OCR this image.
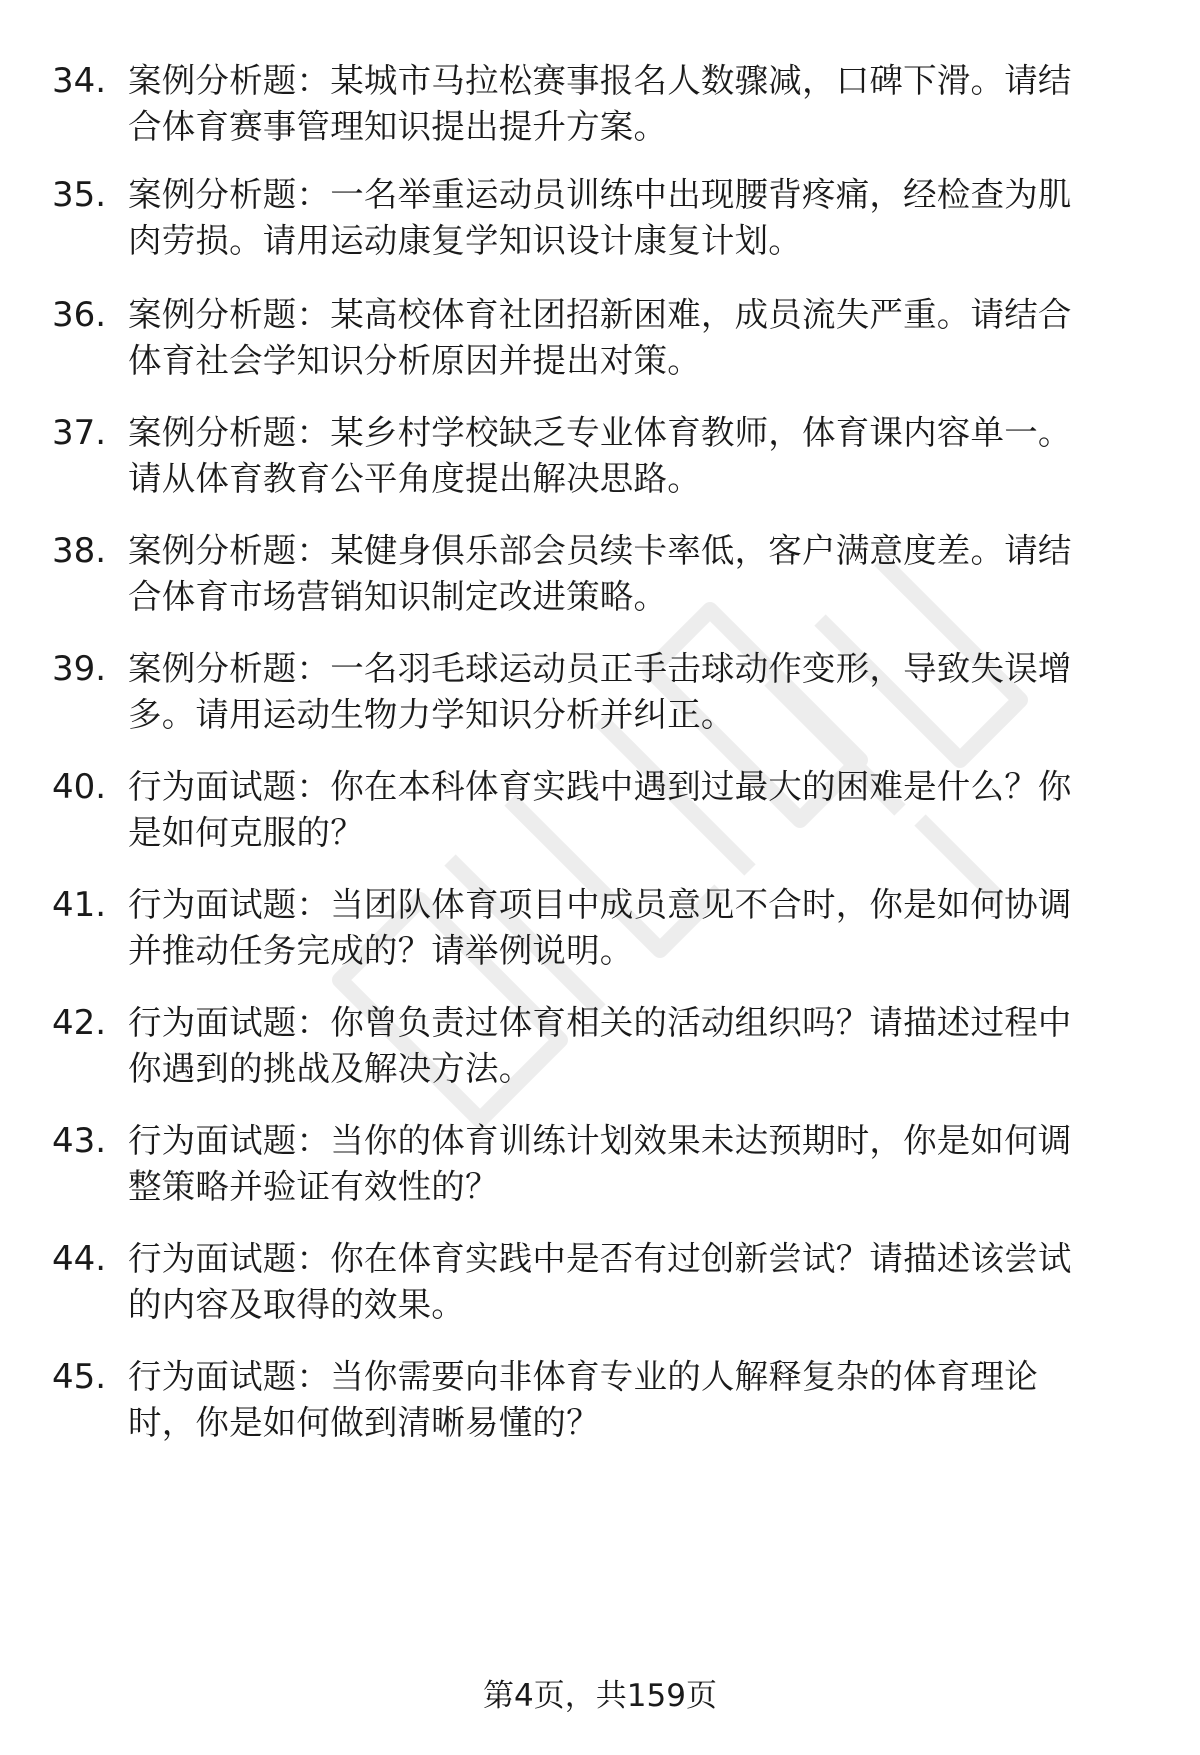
34. 案例分析题：某城市马拉松赛事报名人数骤减，口碑下滑。请结
合体育赛事管理知识提出提升方案。
35. 案例分析题：一名举重运动员训练中出现腰背疼痛，经检查为肌
肉劳损。请用运动康复学知识设计康复计划。
36. 案例分析题：某高校体育社团招新困难，成员流失严重。请结合
体育社会学知识分析原因并提出对策。
37. 案例分析题：某乡村学校缺乏专业体育教师，体育课内容单一。
请从体育教育公平角度提出解决思路。
38. 案例分析题：某健身俱乐部会员续卡率低，客户满意度差。请结
合体育市场营销知识制定改进策略。
39. 案例分析题：一名羽毛球运动员正手击球动作变形，导致失误增
多。请用运动生物力学知识分析并纠正。
40. 行为面试题：你在本科体育实践中遇到过最大的困难是什么？你
是如何克服的？
41. 行为面试题：当团队体育项目中成员意见不合时，你是如何协调
并推动任务完成的？请举例说明。
42. 行为面试题：你曾负责过体育相关的活动组织吗？请描述过程中
你遇到的挑战及解决方法。
43. 行为面试题：当你的体育训练计划效果未达预期时，你是如何调
整策略并验证有效性的？
44. 行为面试题：你在体育实践中是否有过创新尝试？请描述该尝试
的内容及取得的效果。
45. 行为面试题：当你需要向非体育专业的人解释复杂的体育理论
时，你是如何做到清晰易懂的？
第4页，共159页
